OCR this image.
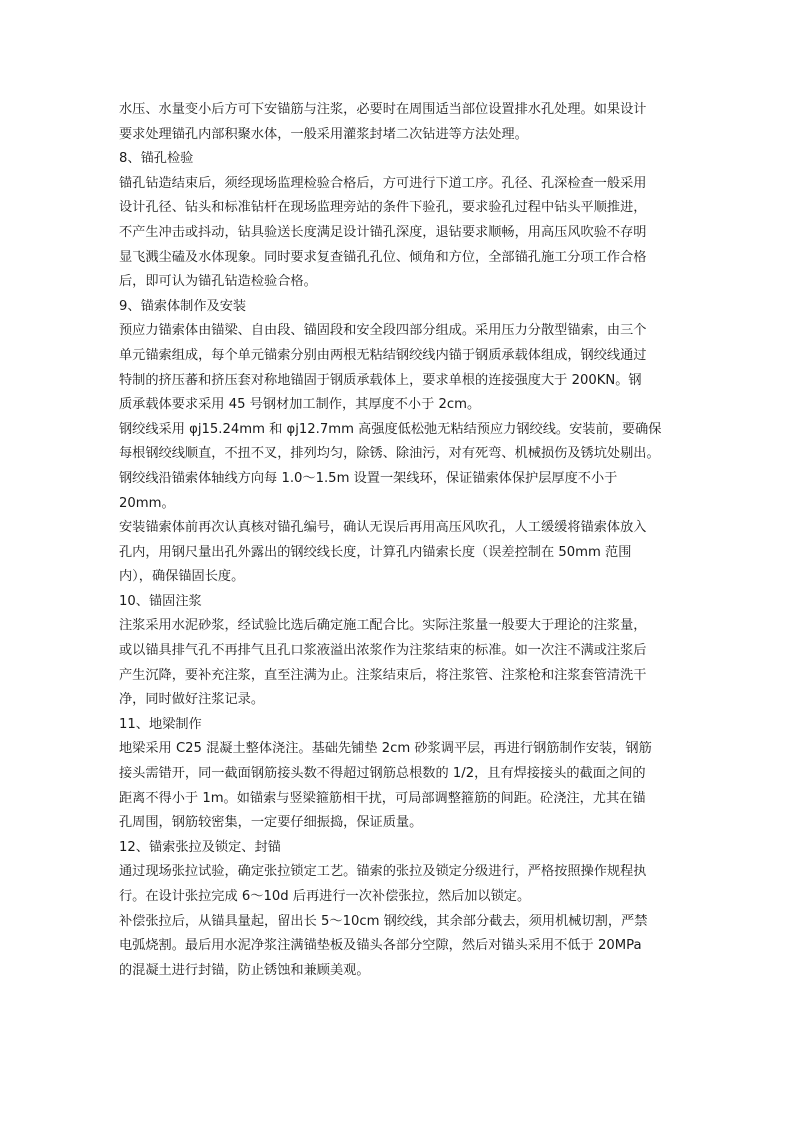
水压、水量变小后方可下安锚筋与注浆，必要时在周围适当部位设置排水孔处理。如果设计
要求处理锚孔内部积聚水体，一般采用灌浆封堵二次钻进等方法处理。
8、锚孔检验
锚孔钻造结束后，须经现场监理检验合格后，方可进行下道工序。孔径、孔深检查一般采用
设计孔径、钻头和标准钻杆在现场监理旁站的条件下验孔，要求验孔过程中钻头平顺推进，
不产生冲击或抖动，钻具验送长度满足设计锚孔深度，退钻要求顺畅，用高压风吹验不存明
显飞溅尘磕及水体现象。同时要求复查锚孔孔位、倾角和方位，全部锚孔施工分项工作合格
后，即可认为锚孔钻造检验合格。
9、锚索体制作及安装
预应力锚索体由锚梁、自由段、锚固段和安全段四部分组成。采用压力分散型锚索，由三个
单元锚索组成，每个单元锚索分别由两根无粘结钢绞线内锚于钢质承载体组成，钢绞线通过
特制的挤压蕃和挤压套对称地锚固于钢质承载体上，要求单根的连接强度大于 200KN。钢
质承载体要求采用 45 号钢材加工制作，其厚度不小于 2cm。
钢绞线采用 φj15.24mm 和 φj12.7mm 高强度低松弛无粘结预应力钢绞线。安装前，要确保
每根钢绞线顺直，不扭不叉，排列均匀，除锈、除油污，对有死弯、机械损伤及锈坑处剔出。
钢绞线沿锚索体轴线方向每 1.0～1.5m 设置一架线环，保证锚索体保护层厚度不小于
20mm。
安装锚索体前再次认真核对锚孔编号，确认无误后再用高压风吹孔，人工缓缓将锚索体放入
孔内，用钢尺量出孔外露出的钢绞线长度，计算孔内锚索长度（误差控制在 50mm 范围
内），确保锚固长度。
10、锚固注浆
注浆采用水泥砂浆，经试验比选后确定施工配合比。实际注浆量一般要大于理论的注浆量，
或以锚具排气孔不再排气且孔口浆液溢出浓浆作为注浆结束的标准。如一次注不满或注浆后
产生沉降，要补充注浆，直至注满为止。注浆结束后，将注浆管、注浆枪和注浆套管清洗干
净，同时做好注浆记录。
11、地梁制作
地梁采用 C25 混凝土整体浇注。基础先铺垫 2cm 砂浆调平层，再进行钢筋制作安装，钢筋
接头需错开，同一截面钢筋接头数不得超过钢筋总根数的 1/2，且有焊接接头的截面之间的
距离不得小于 1m。如锚索与竖梁箍筋相干扰，可局部调整箍筋的间距。砼浇注，尤其在锚
孔周围，钢筋较密集，一定要仔细振捣，保证质量。
12、锚索张拉及锁定、封锚
通过现场张拉试验，确定张拉锁定工艺。锚索的张拉及锁定分级进行，严格按照操作规程执
行。在设计张拉完成 6～10d 后再进行一次补偿张拉，然后加以锁定。
补偿张拉后，从锚具量起，留出长 5～10cm 钢绞线，其余部分截去，须用机械切割，严禁
电弧烧割。最后用水泥净浆注满锚垫板及锚头各部分空隙，然后对锚头采用不低于 20MPa
的混凝土进行封锚，防止锈蚀和兼顾美观。
